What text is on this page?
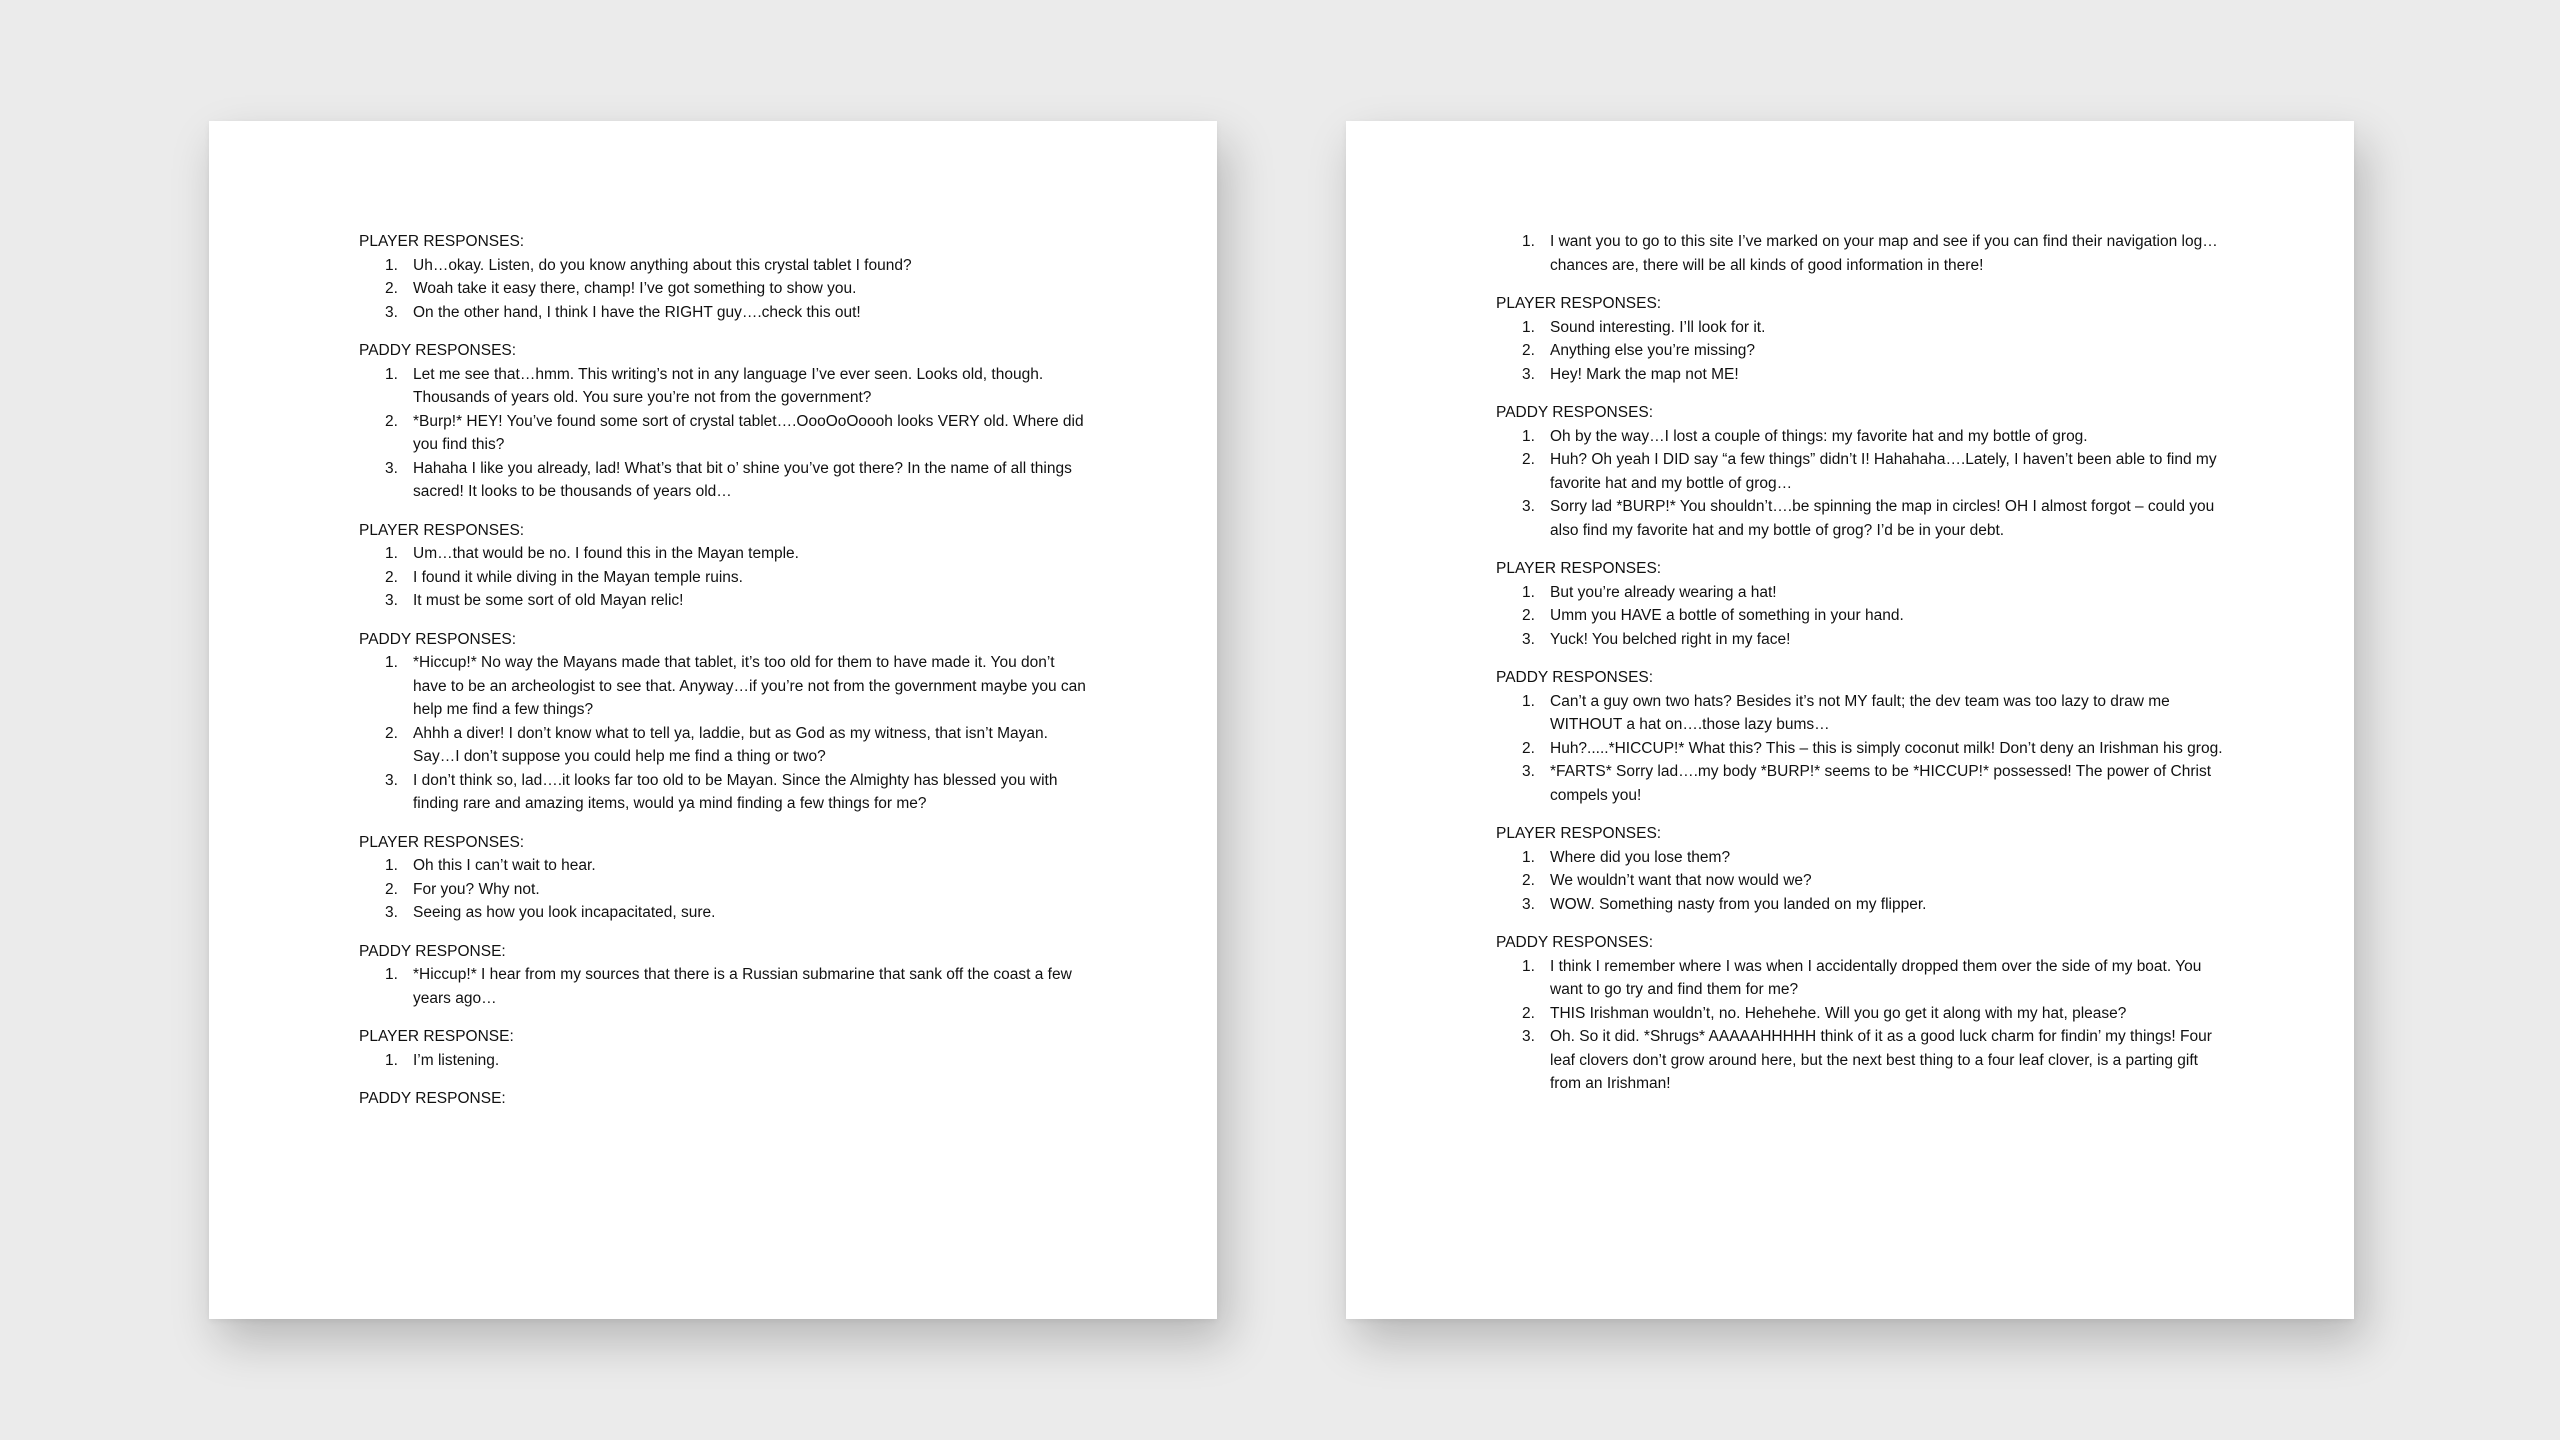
PLAYER RESPONSES:

1. Uh…okay. Listen, do you know anything about this crystal tablet I found?
2. Woah take it easy there, champ! I’ve got something to show you.
3. On the other hand, I think I have the RIGHT guy….check this out!

PADDY RESPONSES:

1. Let me see that…hmm. This writing’s not in any language I’ve ever seen. Looks old, though. Thousands of years old. You sure you’re not from the government?
2. *Burp!* HEY! You’ve found some sort of crystal tablet….OooOoOoooh looks VERY old. Where did you find this?
3. Hahaha I like you already, lad! What’s that bit o’ shine you’ve got there? In the name of all things sacred! It looks to be thousands of years old…

PLAYER RESPONSES:

1. Um…that would be no. I found this in the Mayan temple.
2. I found it while diving in the Mayan temple ruins.
3. It must be some sort of old Mayan relic!

PADDY RESPONSES:

1. *Hiccup!* No way the Mayans made that tablet, it’s too old for them to have made it. You don’t have to be an archeologist to see that. Anyway…if you’re not from the government maybe you can help me find a few things?
2. Ahhh a diver! I don’t know what to tell ya, laddie, but as God as my witness, that isn’t Mayan. Say…I don’t suppose you could help me find a thing or two?
3. I don’t think so, lad….it looks far too old to be Mayan. Since the Almighty has blessed you with finding rare and amazing items, would ya mind finding a few things for me?

PLAYER RESPONSES:

1. Oh this I can’t wait to hear.
2. For you? Why not.
3. Seeing as how you look incapacitated, sure.

PADDY RESPONSE:

1. *Hiccup!* I hear from my sources that there is a Russian submarine that sank off the coast a few years ago…

PLAYER RESPONSE:

1. I’m listening.

PADDY RESPONSE:

1. I want you to go to this site I’ve marked on your map and see if you can find their navigation log…chances are, there will be all kinds of good information in there!

PLAYER RESPONSES:

1. Sound interesting. I’ll look for it.
2. Anything else you’re missing?
3. Hey! Mark the map not ME!

PADDY RESPONSES:

1. Oh by the way…I lost a couple of things: my favorite hat and my bottle of grog.
2. Huh? Oh yeah I DID say “a few things” didn’t I! Hahahaha….Lately, I haven’t been able to find my favorite hat and my bottle of grog…
3. Sorry lad *BURP!* You shouldn’t….be spinning the map in circles! OH I almost forgot – could you also find my favorite hat and my bottle of grog? I’d be in your debt.

PLAYER RESPONSES:

1. But you’re already wearing a hat!
2. Umm you HAVE a bottle of something in your hand.
3. Yuck! You belched right in my face!

PADDY RESPONSES:

1. Can’t a guy own two hats? Besides it’s not MY fault; the dev team was too lazy to draw me WITHOUT a hat on….those lazy bums…
2. Huh?.....*HICCUP!* What this? This – this is simply coconut milk! Don’t deny an Irishman his grog.
3. *FARTS* Sorry lad….my body *BURP!* seems to be *HICCUP!* possessed! The power of Christ compels you!

PLAYER RESPONSES:

1. Where did you lose them?
2. We wouldn’t want that now would we?
3. WOW. Something nasty from you landed on my flipper.

PADDY RESPONSES:

1. I think I remember where I was when I accidentally dropped them over the side of my boat. You want to go try and find them for me?
2. THIS Irishman wouldn’t, no. Hehehehe. Will you go get it along with my hat, please?
3. Oh. So it did. *Shrugs* AAAAAHHHHH think of it as a good luck charm for findin’ my things! Four leaf clovers don’t grow around here, but the next best thing to a four leaf clover, is a parting gift from an Irishman!
